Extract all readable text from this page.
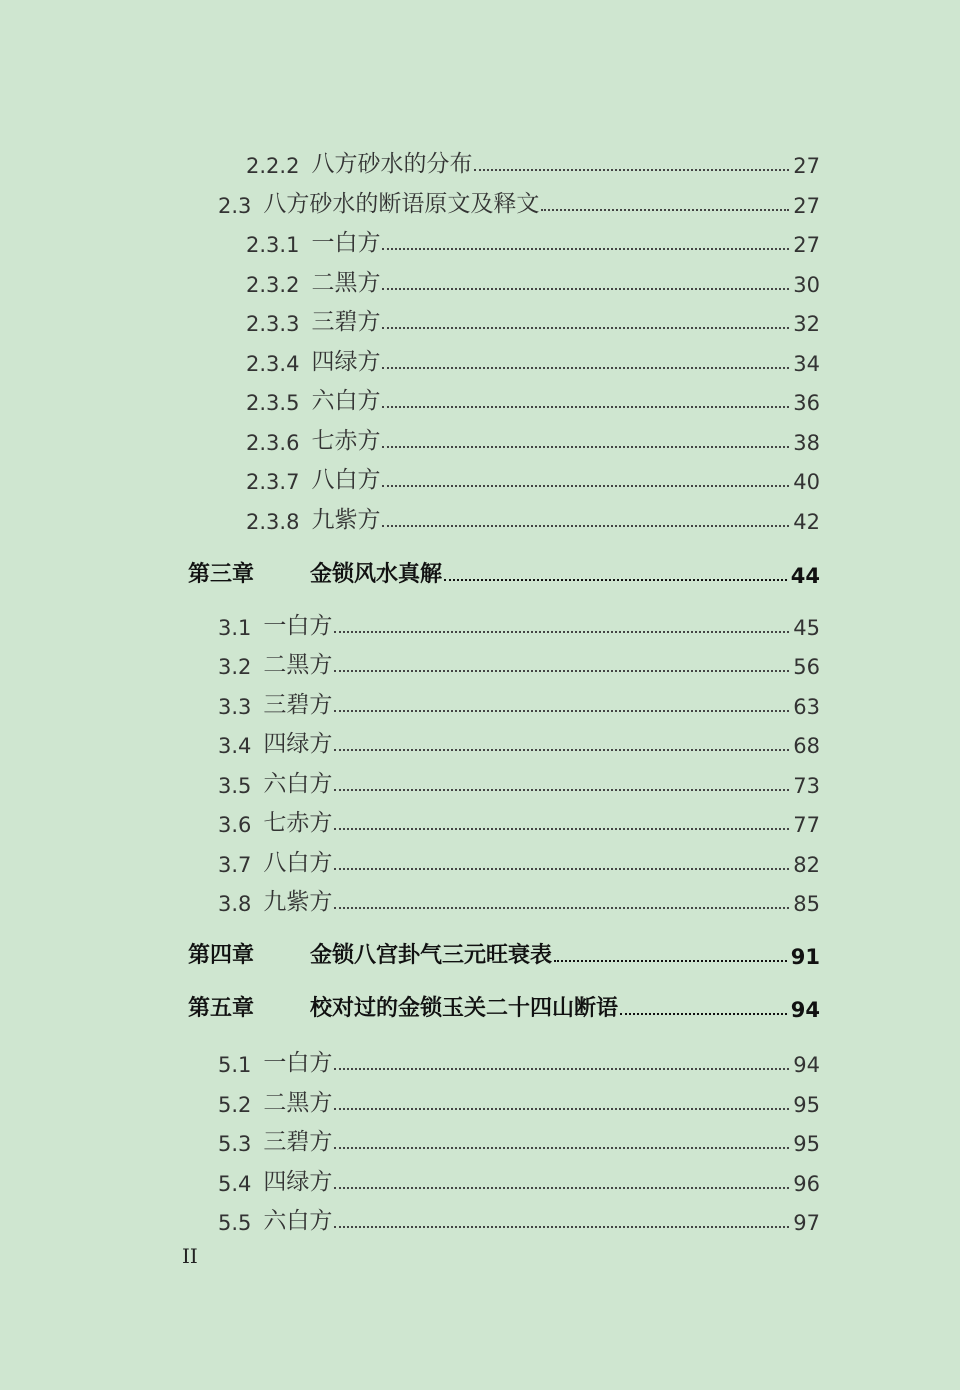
2.2.2 八方砂水的分布	27
2.3 八方砂水的断语原文及释文	27
2.3.1 一白方	27
2.3.2 二黑方	30
2.3.3 三碧方	32
2.3.4 四绿方	34
2.3.5 六白方	36
2.3.6 七赤方	38
2.3.7 八白方	40
2.3.8 九紫方	42
第三章	金锁风水真解	44
3.1 一白方	45
3.2 二黑方	56
3.3 三碧方	63
3.4 四绿方	68
3.5 六白方	73
3.6 七赤方	77
3.7 八白方	82
3.8 九紫方	85
第四章	金锁八宫卦气三元旺衰表	91
第五章	校对过的金锁玉关二十四山断语	94
5.1 一白方	94
5.2 二黑方	95
5.3 三碧方	95
5.4 四绿方	96
5.5 六白方	97
II
